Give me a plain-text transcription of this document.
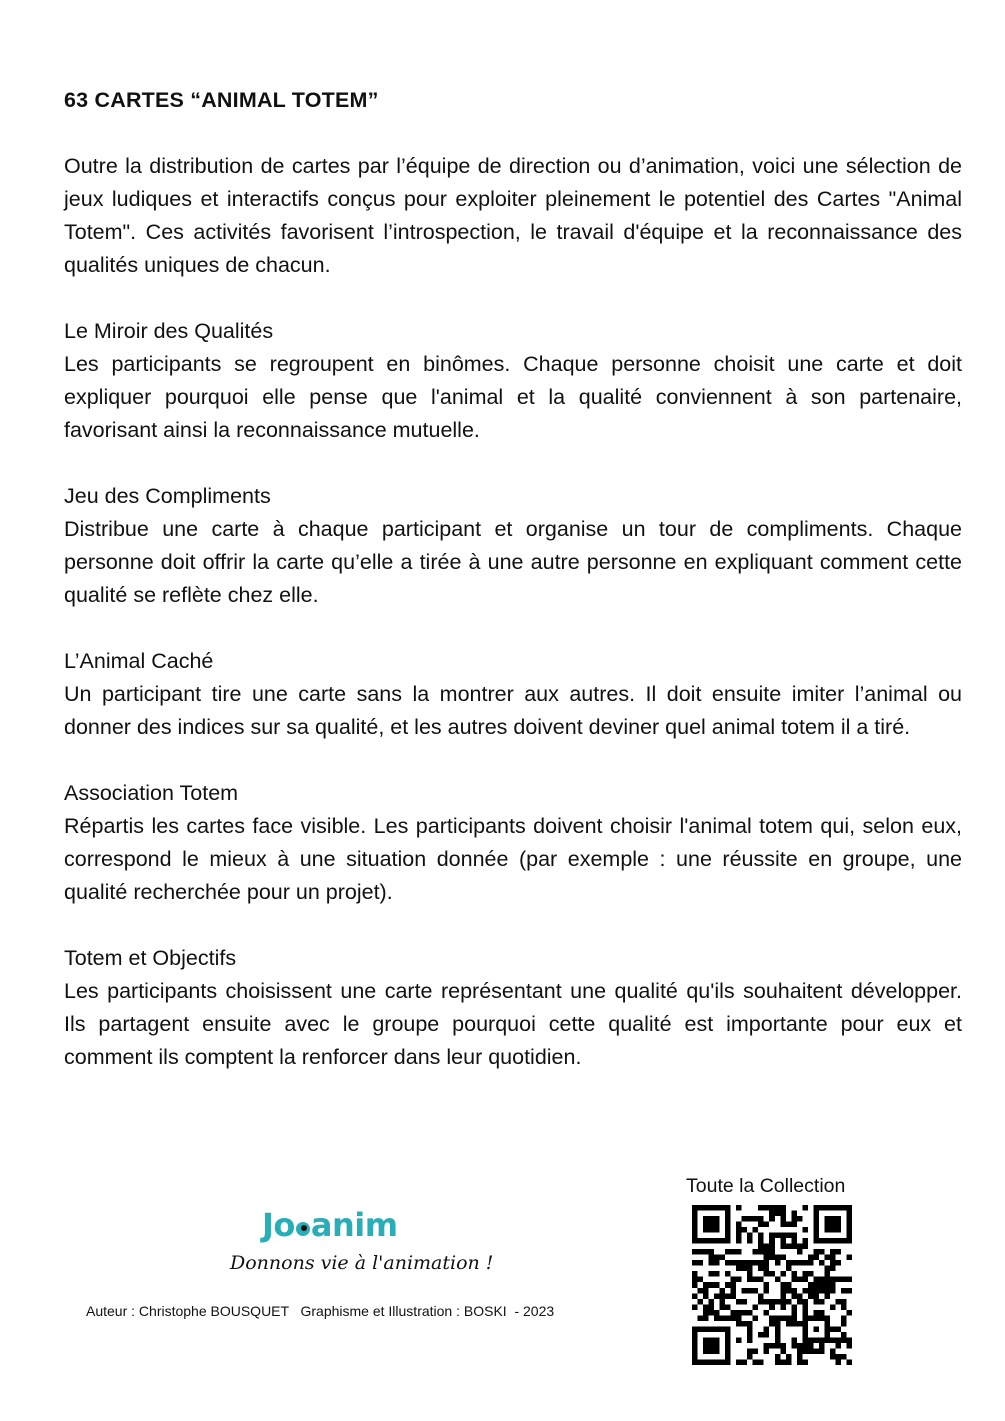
63 CARTES “ANIMAL TOTEM”

Outre la distribution de cartes par l’équipe de direction ou d’animation, voici une sélection de jeux ludiques et interactifs conçus pour exploiter pleinement le potentiel des Cartes "Animal Totem". Ces activités favorisent l’introspection, le travail d'équipe et la reconnaissance des qualités uniques de chacun.

Le Miroir des Qualités

Les participants se regroupent en binômes. Chaque personne choisit une carte et doit expliquer pourquoi elle pense que l'animal et la qualité conviennent à son partenaire, favorisant ainsi la reconnaissance mutuelle.

Jeu des Compliments

Distribue une carte à chaque participant et organise un tour de compliments. Chaque personne doit offrir la carte qu’elle a tirée à une autre personne en expliquant comment cette qualité se reflète chez elle.

L’Animal Caché

Un participant tire une carte sans la montrer aux autres. Il doit ensuite imiter l’animal ou donner des indices sur sa qualité, et les autres doivent deviner quel animal totem il a tiré.

Association Totem

Répartis les cartes face visible. Les participants doivent choisir l'animal totem qui, selon eux, correspond le mieux à une situation donnée (par exemple : une réussite en groupe, une qualité recherchée pour un projet).

Totem et Objectifs

Les participants choisissent une carte représentant une qualité qu'ils souhaitent développer. Ils partagent ensuite avec le groupe pourquoi cette qualité est importante pour eux et comment ils comptent la renforcer dans leur quotidien.

Jo anim
Donnons vie à l'animation !
Auteur : Christophe BOUSQUET   Graphisme et Illustration : BOSKI  - 2023
Toute la Collection
